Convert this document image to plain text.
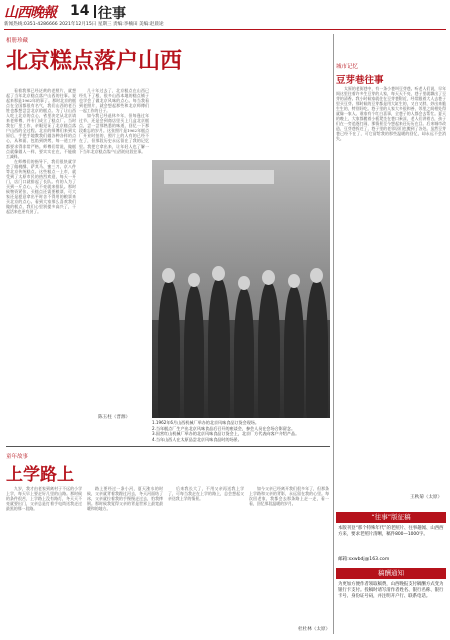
山西晚報	14 往事
新闻热线:0351-4286666 2021年12月15日 星期三 责编:李楠田 美编:赵晨途
相册珍藏
北京糕点落户山西

看着我那已经泛黄的老照片，就想起了当年北京糕点落户山西的往事。说起来那是1962年的事了。那时北京的糕点在全国都很有名气，我们山西的老百姓也都想尝尝北京的糕点。为了让山西人吃上北京的点心，省里决定从北京请来老师傅，并专门成立了糕点厂。当时我在厂里工作，亲眼见证了北京糕点落户山西的全过程。北京的师傅们来到太原后，手把手地教我们做各种各样的点心，从和面、包馅到烘烤，每一道工序都要求得非常严格。师傅们常说，做糕点就像做人一样，要实实在在，不能偷工减料。

在师傅们的指导下，我们很快就学会了做桃酥、萨其马、蜜三刀、京八件等北京传统糕点。这些糕点一上市，就受到了太原市民的热烈欢迎，每天一开门，店门口就排起了长队。有的人为了买到一斤点心，天不亮就来排队。那时候物资紧张，买糕点还需要粮票，可大家还是愿意拿出平时舍不得用的粮票来买北京的点心。看到大家那么喜欢我们做的糕点，我们心里别提多高兴了，干起活来也更有劲了。

几十年过去了，北京糕点在山西已经扎下了根，很多山西本地的糕点铺子也学会了做北京风味的点心。每当我看到老照片，就会想起那些和北京师傅们一起工作的日子。

如今我已经退休多年，但每逢过年过节，还是会到商店里买上几盒北京糕点，尝一尝那熟悉的味道，回忆一下那段难忘的岁月。这张照片是1962年糕点厂开业时拍的，照片上的人有的已经不在了，但那段历史永远留在了我的记忆里。我把它拿出来，让年轻人也了解一下当年北京糕点落户山西的这段往事。

陈玉柱（晋源）
1.1962年6月山西机械厂举办的北京风味食品订货会现场。
2.当年糕点厂生产出北京风味食品后召开的座谈会，参会人员在会场合影留念。
3.国营红山机械厂举办的北京风味食品订货会上，北京厂方代表向客户介绍产品。
4.当年山西人在太原品尝北京风味食品时的场景。
童年故事
上学路上

九岁，我才由老家到离村子不远的小学上学，每天早上要走好几里的山路。那时候的条件很苦，上学路上没有路灯，冬天天不亮就要出门，父亲总是打着手电筒送我走过最黑的那一段路。

路上要经过一条小河，夏天涨水的时候，父亲就背着我蹚过河去，冬天河面结了冰，父亲就拉着我的手慢慢走过去，怕我摔倒。那时候我觉得父亲的背是世界上最宽最暖和的地方。

后来我长大了，不用父亲再送我上学了，可每当我走在上学的路上，总会想起父亲送我上学的情景。

如今父亲已经离开我们很多年了，但那条上学路和父亲的背影，永远留在我的心里。每次回老家，我都会去那条路上走一走，看一看，回忆那段温暖的岁月。

杜杜林（太原）
城市记忆
豆芽巷往事

太原的老街巷中，有一条小巷叫豆芽巷。听老人们说，早年间这里住着许多生豆芽的人家，每天天不亮，巷子里就飘出了豆芽的清香。我小时候家就住在豆芽巷附近，经常跟着大人去巷子里买豆芽。那时候的豆芽都是用大缸生的，又白又胖，炒出来脆生生的，特别好吃。巷子里的人家大多很和善，邻里之间相处得就像一家人。谁家有个红白喜事，全巷子的人都会去帮忙。夏天的晚上，大家都搬着小板凳坐在巷口乘凉，老人们讲着古，孩子们在一旁追逐打闹，那情景至今想起来还历历在目。后来城市改造，豆芽巷拆迁了，巷子里的老邻居们也搬到了各处。虽然豆芽巷已经不在了，可它留给我的那些温暖的回忆，却永远不会消失。

王秋菊（太原）
“往事”版征稿
本版刊登“那个特殊年代”的老照片、往事趣闻、山西西方来，要求老照片清晰，稿件800—1000字。
邮箱:sxwbdj@163.com
稿酬通知
为更加方便作者领取稿费，山西晚报支付稿酬方式变为银行卡支付。投稿时请写清作者姓名、银行名称、银行卡号、身份证号码，并注明开户行、联系电话。
